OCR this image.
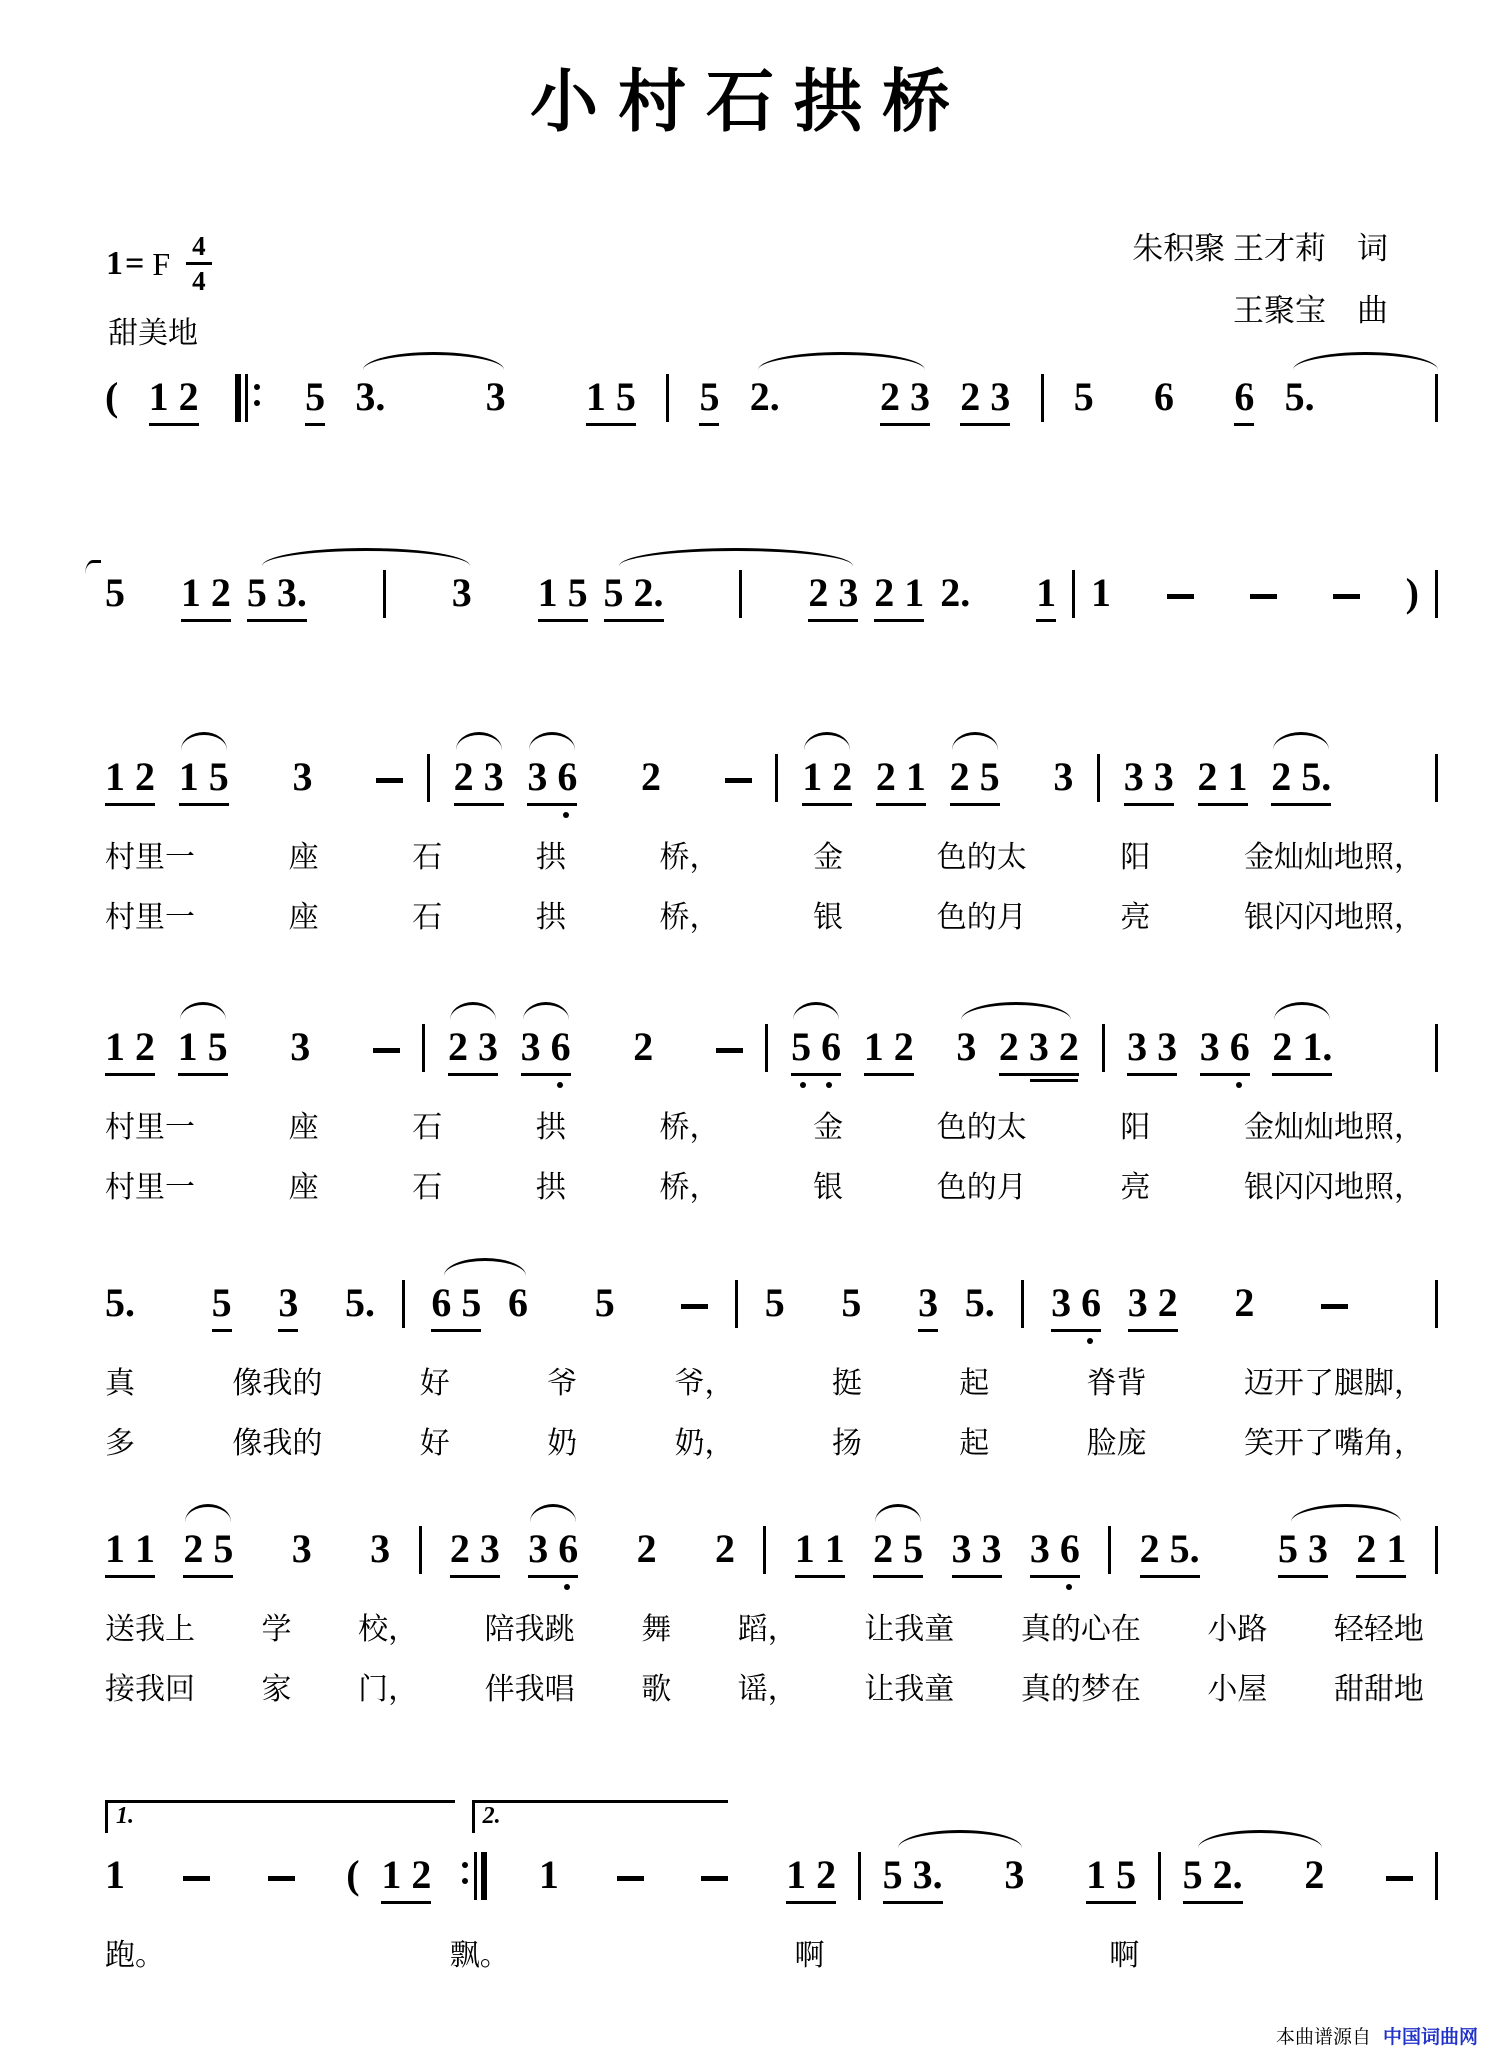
小村石拱桥
1= F $\frac{4}{4}$
甜美地
朱积聚 王才莉　词
王聚宝　曲
( 1 2	5 3.	3 1 5 5 2.	2 3 2 3 5 6 6 5.
5 1 2 5 3.	3 1 5 5 2.	2 3 2 1 2. 1 1	)
1 2 1 5 3	2 3 3 6 2	1 2 2 1 2 5 3 3 3 2 1 2 5.
村里一	座	石	拱	桥，	金	色的太	阳	金灿灿地照，
村里一	座	石	拱	桥，	银	色的月	亮	银闪闪地照，
1 2 1 5 3	2 3 3 6 2	5 6 1 2 3 2 3 2 3 3 3 6 2 1.
村里一	座	石	拱	桥，	金	色的太	阳	金灿灿地照，
村里一	座	石	拱	桥，	银	色的月	亮	银闪闪地照，
5. 5 3 5. 6 5 6 5	5 5 3 5. 3 6 3 2 2
真	像我的	好	爷	爷，	挺	起	脊背	迈开了腿脚，
多	像我的	好	奶	奶，	扬	起	脸庞	笑开了嘴角，
1 1 2 5 3 3 2 3 3 6 2 2 1 1 2 5 3 3 3 6 2 5. 5 3 2 1
送我上 学 校， 陪我跳 舞 蹈， 让我童 真的心在 小路 轻轻地
接我回 家 门， 伴我唱 歌 谣， 让我童 真的梦在 小屋 甜甜地
1.	2.
1	( 1 2	1	1 2 5 3. 3 1 5 5 2. 2
跑。	飘。	啊	啊
本曲谱源自 中国词曲网
